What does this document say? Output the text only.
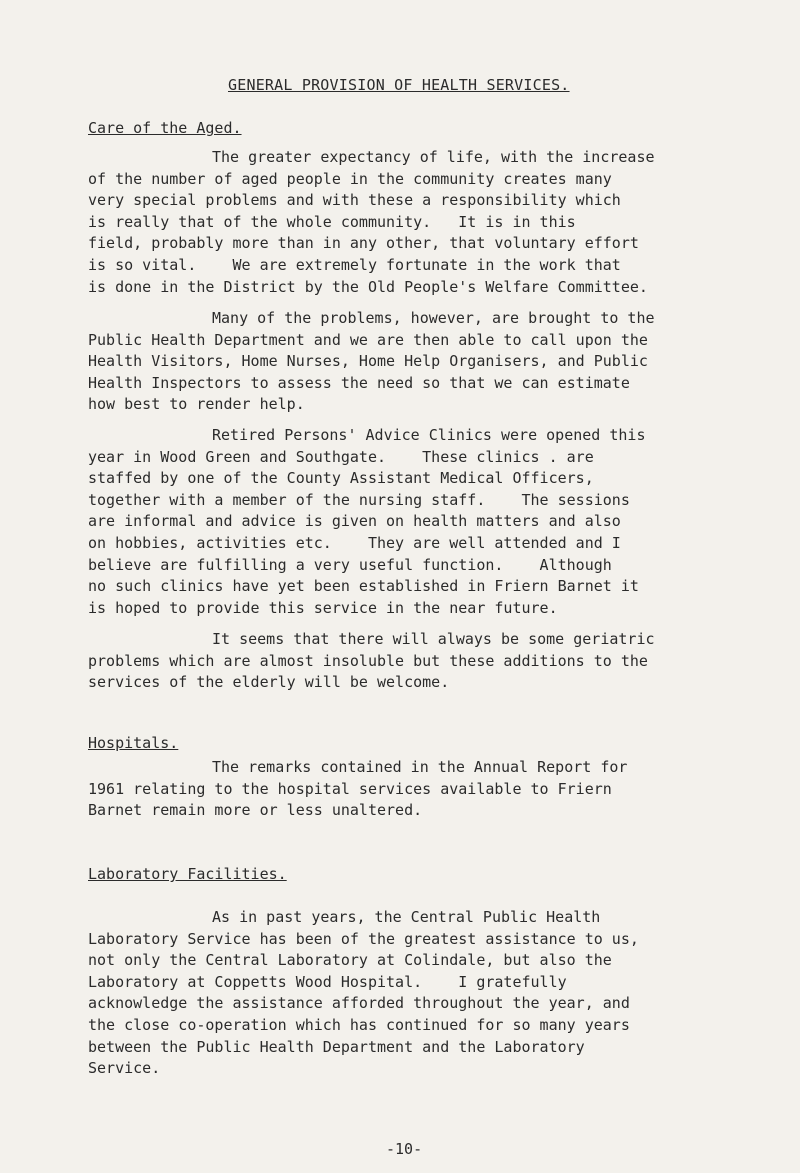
GENERAL PROVISION OF HEALTH SERVICES.
Care of the Aged.
The greater expectancy of life, with the increase
of the number of aged people in the community creates many
very special problems and with these a responsibility which
is really that of the whole community.   It is in this
field, probably more than in any other, that voluntary effort
is so vital.    We are extremely fortunate in the work that
is done in the District by the Old People's Welfare Committee.
Many of the problems, however, are brought to the
Public Health Department and we are then able to call upon the
Health Visitors, Home Nurses, Home Help Organisers, and Public
Health Inspectors to assess the need so that we can estimate
how best to render help.
Retired Persons' Advice Clinics were opened this
year in Wood Green and Southgate.    These clinics . are
staffed by one of the County Assistant Medical Officers,
together with a member of the nursing staff.    The sessions
are informal and advice is given on health matters and also
on hobbies, activities etc.    They are well attended and I
believe are fulfilling a very useful function.    Although
no such clinics have yet been established in Friern Barnet it
is hoped to provide this service in the near future.
It seems that there will always be some geriatric
problems which are almost insoluble but these additions to the
services of the elderly will be welcome.
Hospitals.
The remarks contained in the Annual Report for
1961 relating to the hospital services available to Friern
Barnet remain more or less unaltered.
Laboratory Facilities.
As in past years, the Central Public Health
Laboratory Service has been of the greatest assistance to us,
not only the Central Laboratory at Colindale, but also the
Laboratory at Coppetts Wood Hospital.    I gratefully
acknowledge the assistance afforded throughout the year, and
the close co-operation which has continued for so many years
between the Public Health Department and the Laboratory
Service.
-10-
